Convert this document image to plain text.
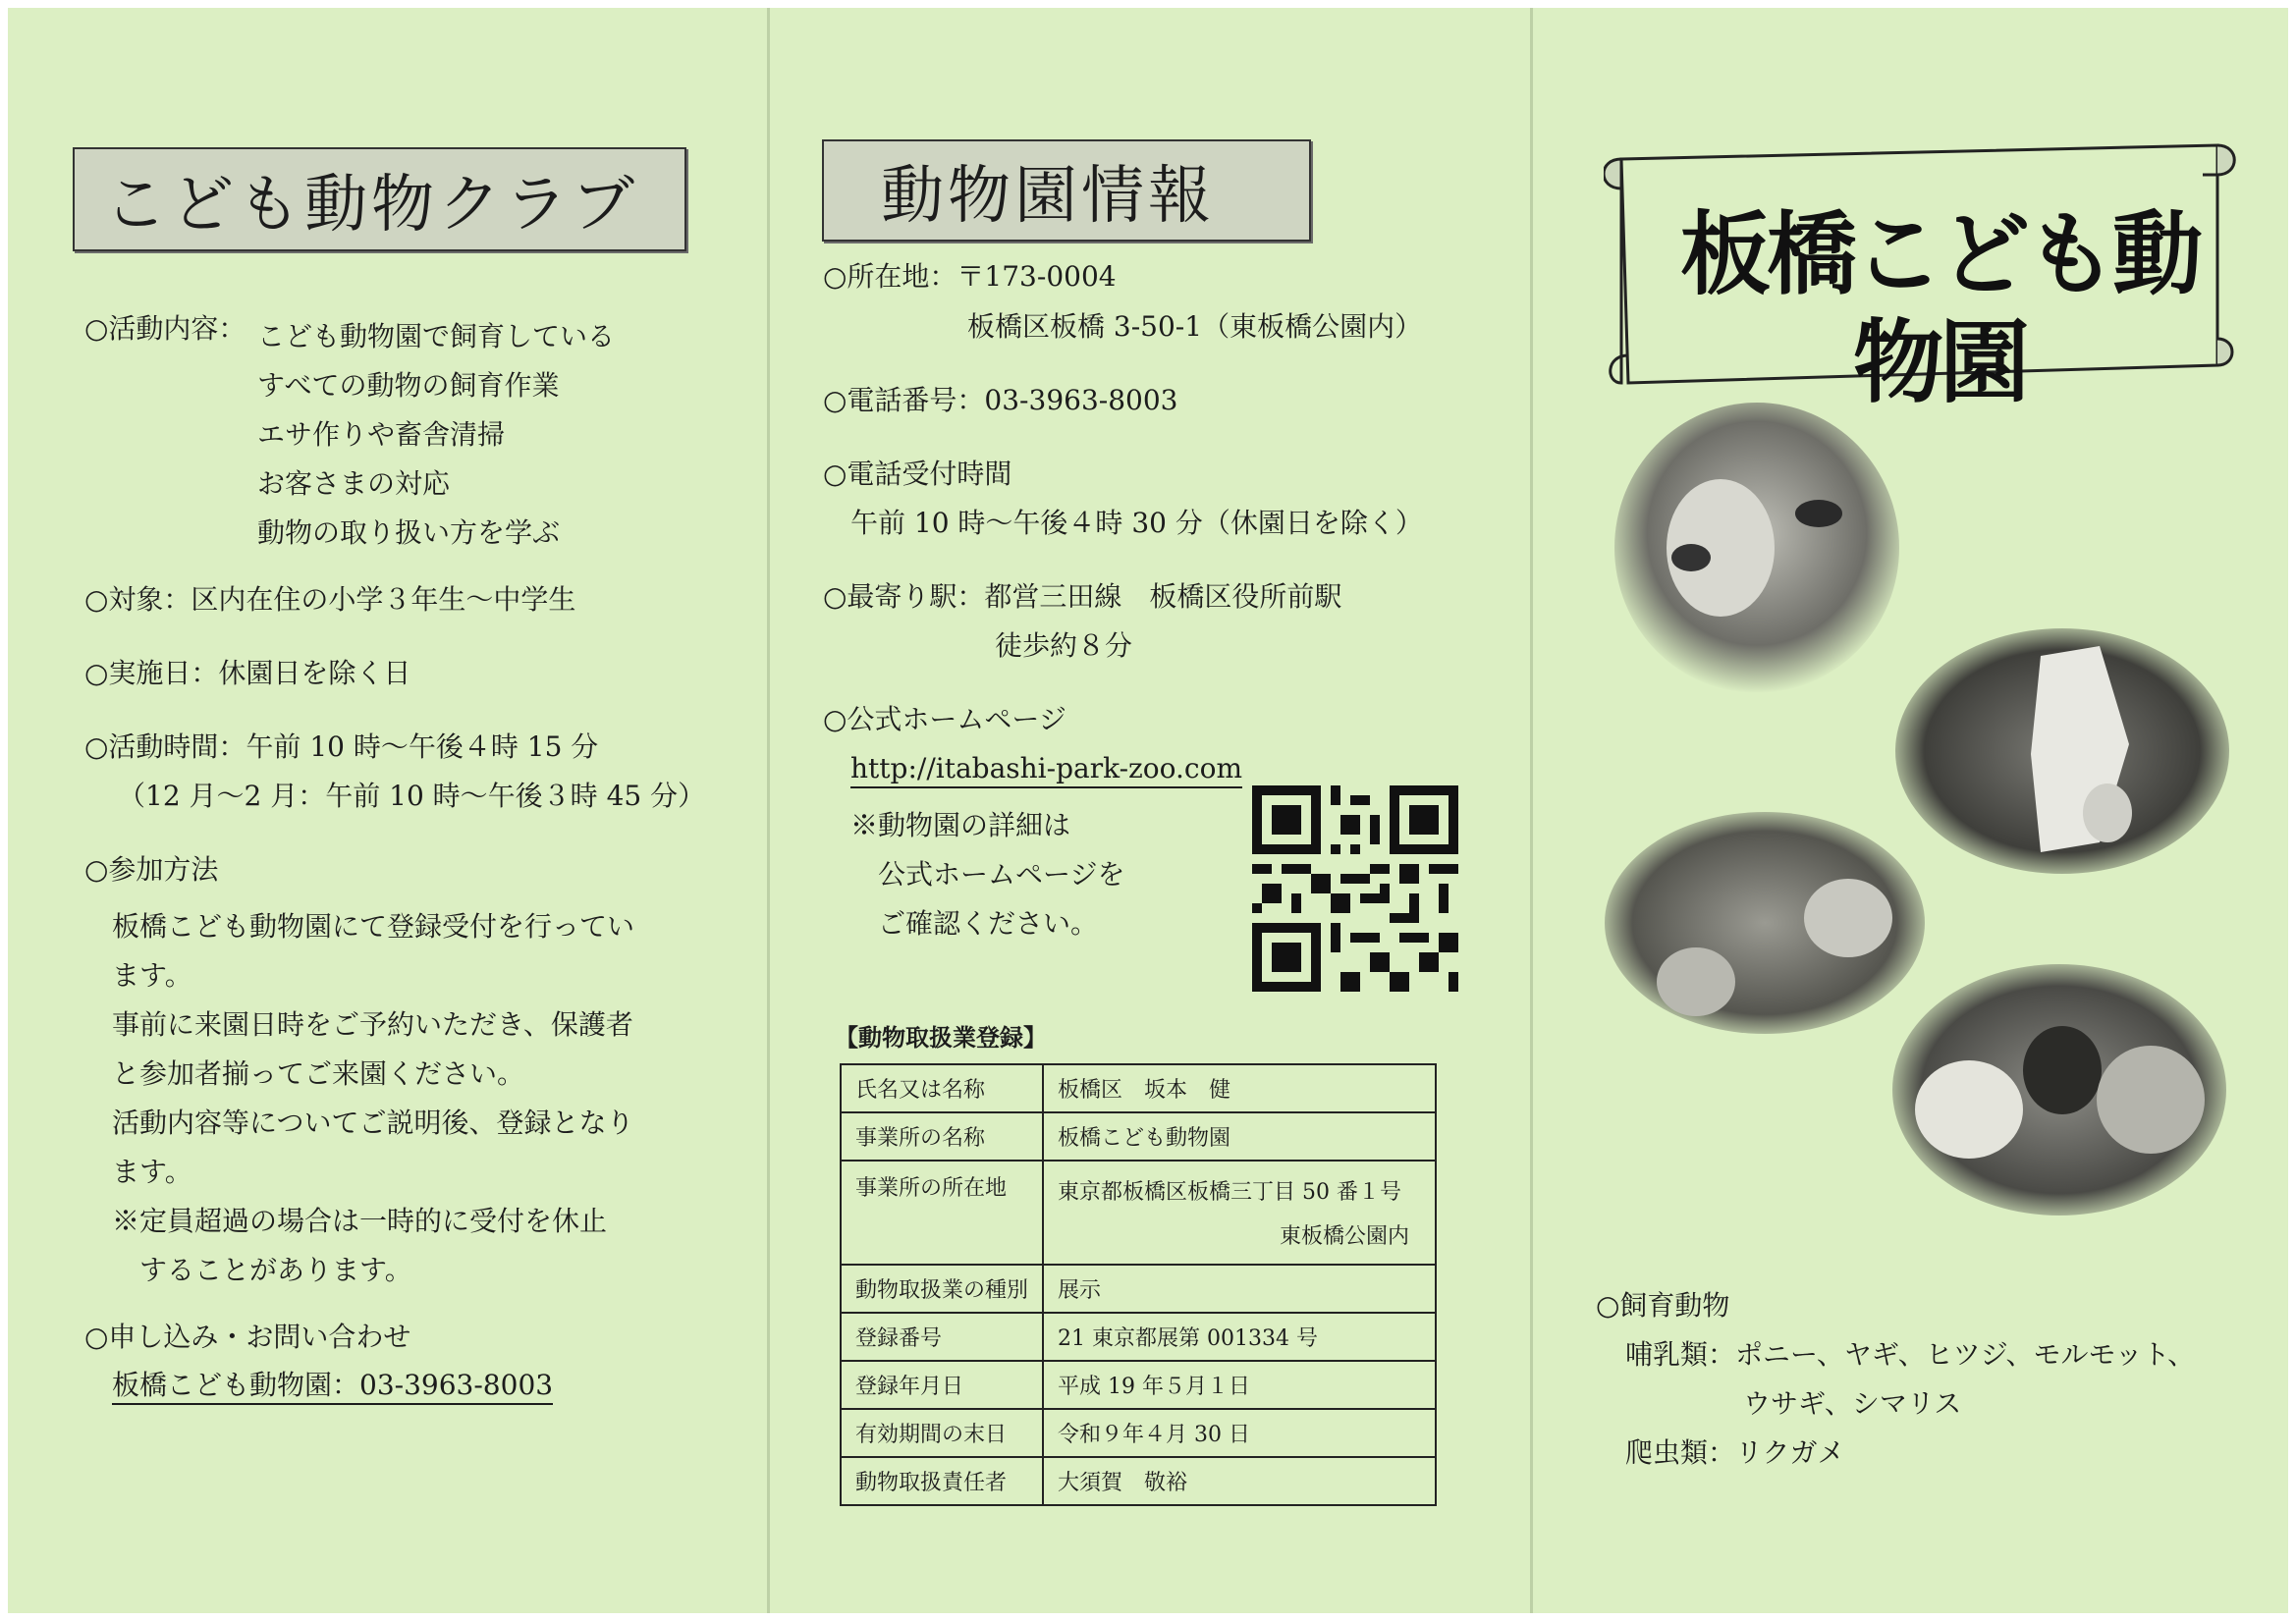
こども動物クラブ
○活動内容： こども動物園で飼育している
すべての動物の飼育作業
エサ作りや畜舎清掃
お客さまの対応
動物の取り扱い方を学ぶ
○対象：区内在住の小学３年生～中学生
○実施日：休園日を除く日
○活動時間：午前 10 時～午後４時 15 分
（12 月～2 月：午前 10 時～午後３時 45 分）
○参加方法
板橋こども動物園にて登録受付を行ってい
ます。
事前に来園日時をご予約いただき、保護者
と参加者揃ってご来園ください。
活動内容等についてご説明後、登録となり
ます。
※定員超過の場合は一時的に受付を休止
　することがあります。
○申し込み・お問い合わせ
板橋こども動物園：03-3963-8003
動物園情報
○所在地：〒173-0004
板橋区板橋 3-50-1（東板橋公園内）
○電話番号：03-3963-8003
○電話受付時間
午前 10 時～午後４時 30 分（休園日を除く）
○最寄り駅：都営三田線　板橋区役所前駅
徒歩約８分
○公式ホームページ
http://itabashi-park-zoo.com
※動物園の詳細は
公式ホームページを
ご確認ください。
【動物取扱業登録】
氏名又は名称	板橋区　坂本　健
事業所の名称	板橋こども動物園
事業所の所在地	東京都板橋区板橋三丁目 50 番１号
東板橋公園内

動物取扱業の種別	展示
登録番号	21 東京都展第 001334 号
登録年月日	平成 19 年５月１日
有効期間の末日	令和９年４月 30 日
動物取扱責任者	大須賀　敬裕
板橋こども動物園
○飼育動物
哺乳類： ポニー、ヤギ、ヒツジ、モルモット、
ウサギ、シマリス
爬虫類： リクガメ
